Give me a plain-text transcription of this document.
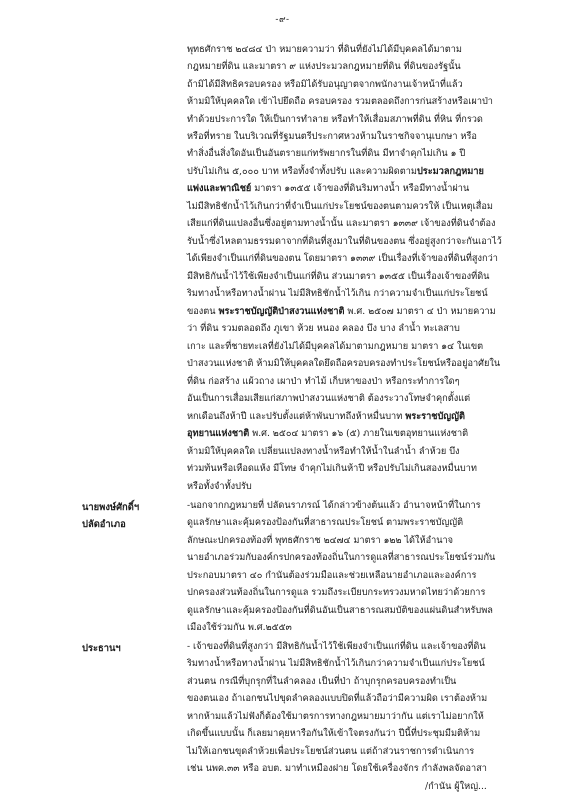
-๙-
พุทธศักราช ๒๔๘๔ ป่า หมายความว่า ที่ดินที่ยังไม่ได้มีบุคคลได้มาตาม
กฎหมายที่ดิน และมาตรา ๙ แห่งประมวลกฎหมายที่ดิน ที่ดินของรัฐนั้น
ถ้ามิได้มีสิทธิครอบครอง หรือมิได้รับอนุญาตจากพนักงานเจ้าหน้าที่แล้ว
ห้ามมิให้บุคคลใด เข้าไปยึดถือ ครอบครอง รวมตลอดถึงการก่นสร้างหรือเผาป่า
ทำด้วยประการใด ให้เป็นการทำลาย หรือทำให้เสื่อมสภาพที่ดิน ที่หิน ที่กรวด
หรือที่ทราย ในบริเวณที่รัฐมนตรีประกาศหวงห้ามในราชกิจจานุเบกษา หรือ
ทำสิ่งอื่นสิ่งใดอันเป็นอันตรายแก่ทรัพยากรในที่ดิน มีทาจำคุกไม่เกิน ๑ ปี
ปรับไม่เกิน ๕,๐๐๐ บาท หรือทั้งจำทั้งปรับ และความผิดตามประมวลกฎหมาย
แพ่งและพาณิชย์ มาตรา ๑๓๕๕ เจ้าของที่ดินริมทางน้ำ หรือมีทางน้ำผ่าน
ไม่มีสิทธิชักน้ำไว้เกินกว่าที่จำเป็นแก่ประโยชน์ของตนตามควรให้ เป็นเหตุเสื่อม
เสียแก่ที่ดินแปลงอื่นซึ่งอยู่ตามทางน้ำนั้น และมาตรา ๑๓๓๙ เจ้าของที่ดินจำต้อง
รับน้ำซึ่งไหลตามธรรมดาจากที่ดินที่สูงมาในที่ดินของตน ซึ่งอยู่สูงกว่าจะกันเอาไว้
ได้เพียงจำเป็นแก่ที่ดินของตน โดยมาตรา ๑๓๓๙ เป็นเรื่องที่เจ้าของที่ดินที่สูงกว่า
มีสิทธิกันน้ำไว้ใช้เพียงจำเป็นแก่ที่ดิน ส่วนมาตรา ๑๓๕๕ เป็นเรื่องเจ้าของที่ดิน
ริมทางน้ำหรือทางน้ำผ่าน ไม่มีสิทธิชักน้ำไว้เกิน กว่าความจำเป็นแก่ประโยชน์
ของตน พระราชบัญญัติป่าสงวนแห่งชาติ พ.ศ. ๒๕๐๗ มาตรา ๔ ป่า หมายความ
ว่า ที่ดิน รวมตลอดถึง ภูเขา ห้วย หนอง คลอง บึง บาง ลำน้ำ ทะเลสาบ
เกาะ และที่ชายทะเลที่ยังไม่ได้มีบุคคลได้มาตามกฎหมาย มาตรา ๑๔ ในเขต
ป่าสงวนแห่งชาติ ห้ามมิให้บุคคลใดยึดถือครอบครองทำประโยชน์หรืออยู่อาศัยใน
ที่ดิน ก่อสร้าง แผ้วถาง เผาป่า ทำไม้ เก็บหาของป่า หรือกระทำการใดๆ
อันเป็นการเสื่อมเสียแก่สภาพป่าสงวนแห่งชาติ ต้องระวางโทษจำคุกตั้งแต่
หกเดือนถึงห้าปี และปรับตั้งแต่ห้าพันบาทถึงห้าหมื่นบาท พระราชบัญญัติ
อุทยานแห่งชาติ พ.ศ. ๒๕๐๔ มาตรา ๑๖ (๕) ภายในเขตอุทยานแห่งชาติ
ห้ามมิให้บุคคลใด เปลี่ยนแปลงทางน้ำหรือทำให้น้ำในลำน้ำ ลำห้วย บึง
ท่วมท้นหรือเหือดแห้ง มีโทษ จำคุกไม่เกินห้าปี หรือปรับไม่เกินสองหมื่นบาท
หรือทั้งจำทั้งปรับ
นายพงษ์ศักดิ์ฯ
ปลัดอำเภอ
-นอกจากกฎหมายที่ ปลัดนราภรณ์ ได้กล่าวข้างต้นแล้ว อำนาจหน้าที่ในการ
ดูแลรักษาและคุ้มครองป้องกันที่สาธารณประโยชน์ ตามพระราชบัญญัติ
ลักษณะปกครองท้องที่ พุทธศักราช ๒๔๗๔ มาตรา ๑๒๒ ได้ให้อำนาจ
นายอำเภอร่วมกับองค์กรปกครองท้องถิ่นในการดูแลที่สาธารณประโยชน์ร่วมกัน
ประกอบมาตรา ๔๐ กำนันต้องร่วมมือและช่วยเหลือนายอำเภอและองค์การ
ปกครองส่วนท้องถิ่นในการดูแล รวมถึงระเบียบกระทรวงมหาดไทยว่าด้วยการ
ดูแลรักษาและคุ้มครองป้องกันที่ดินอันเป็นสาธารณสมบัติของแผ่นดินสำหรับพล
เมืองใช้ร่วมกัน พ.ศ.๒๕๕๓
ประธานฯ	- เจ้าของที่ดินที่สูงกว่า มีสิทธิกันน้ำไว้ใช้เพียงจำเป็นแก่ที่ดิน และเจ้าของที่ดิน
ริมทางน้ำหรือทางน้ำผ่าน ไม่มีสิทธิชักน้ำไว้เกินกว่าความจำเป็นแก่ประโยชน์
ส่วนตน กรณีที่บุกรุกที่ในลำคลอง เป็นที่ป่า ถ้าบุกรุกครอบครองทำเป็น
ของตนเอง ถ้าเอกชนไปขุดลำคลองแบบปิดที่แล้วถือว่ามีความผิด เราต้องห้าม
หากห้ามแล้วไม่ฟังก็ต้องใช้มาตรการทางกฎหมายมาว่ากัน แต่เราไม่อยากให้
เกิดขึ้นแบบนั้น ก็เลยมาคุยหารือกันให้เข้าใจตรงกันว่า ปีนี้ที่ประชุมมีมติห้าม
ไม่ให้เอกชนขุดลำห้วยเพื่อประโยชน์ส่วนตน แต่ถ้าส่วนราชการดำเนินการ
เช่น นพค.๓๓ หรือ อบต. มาทำเหมืองฝาย โดยใช้เครื่องจักร กำลังพลจัดอาสา
/กำนัน ผู้ใหญ่...
